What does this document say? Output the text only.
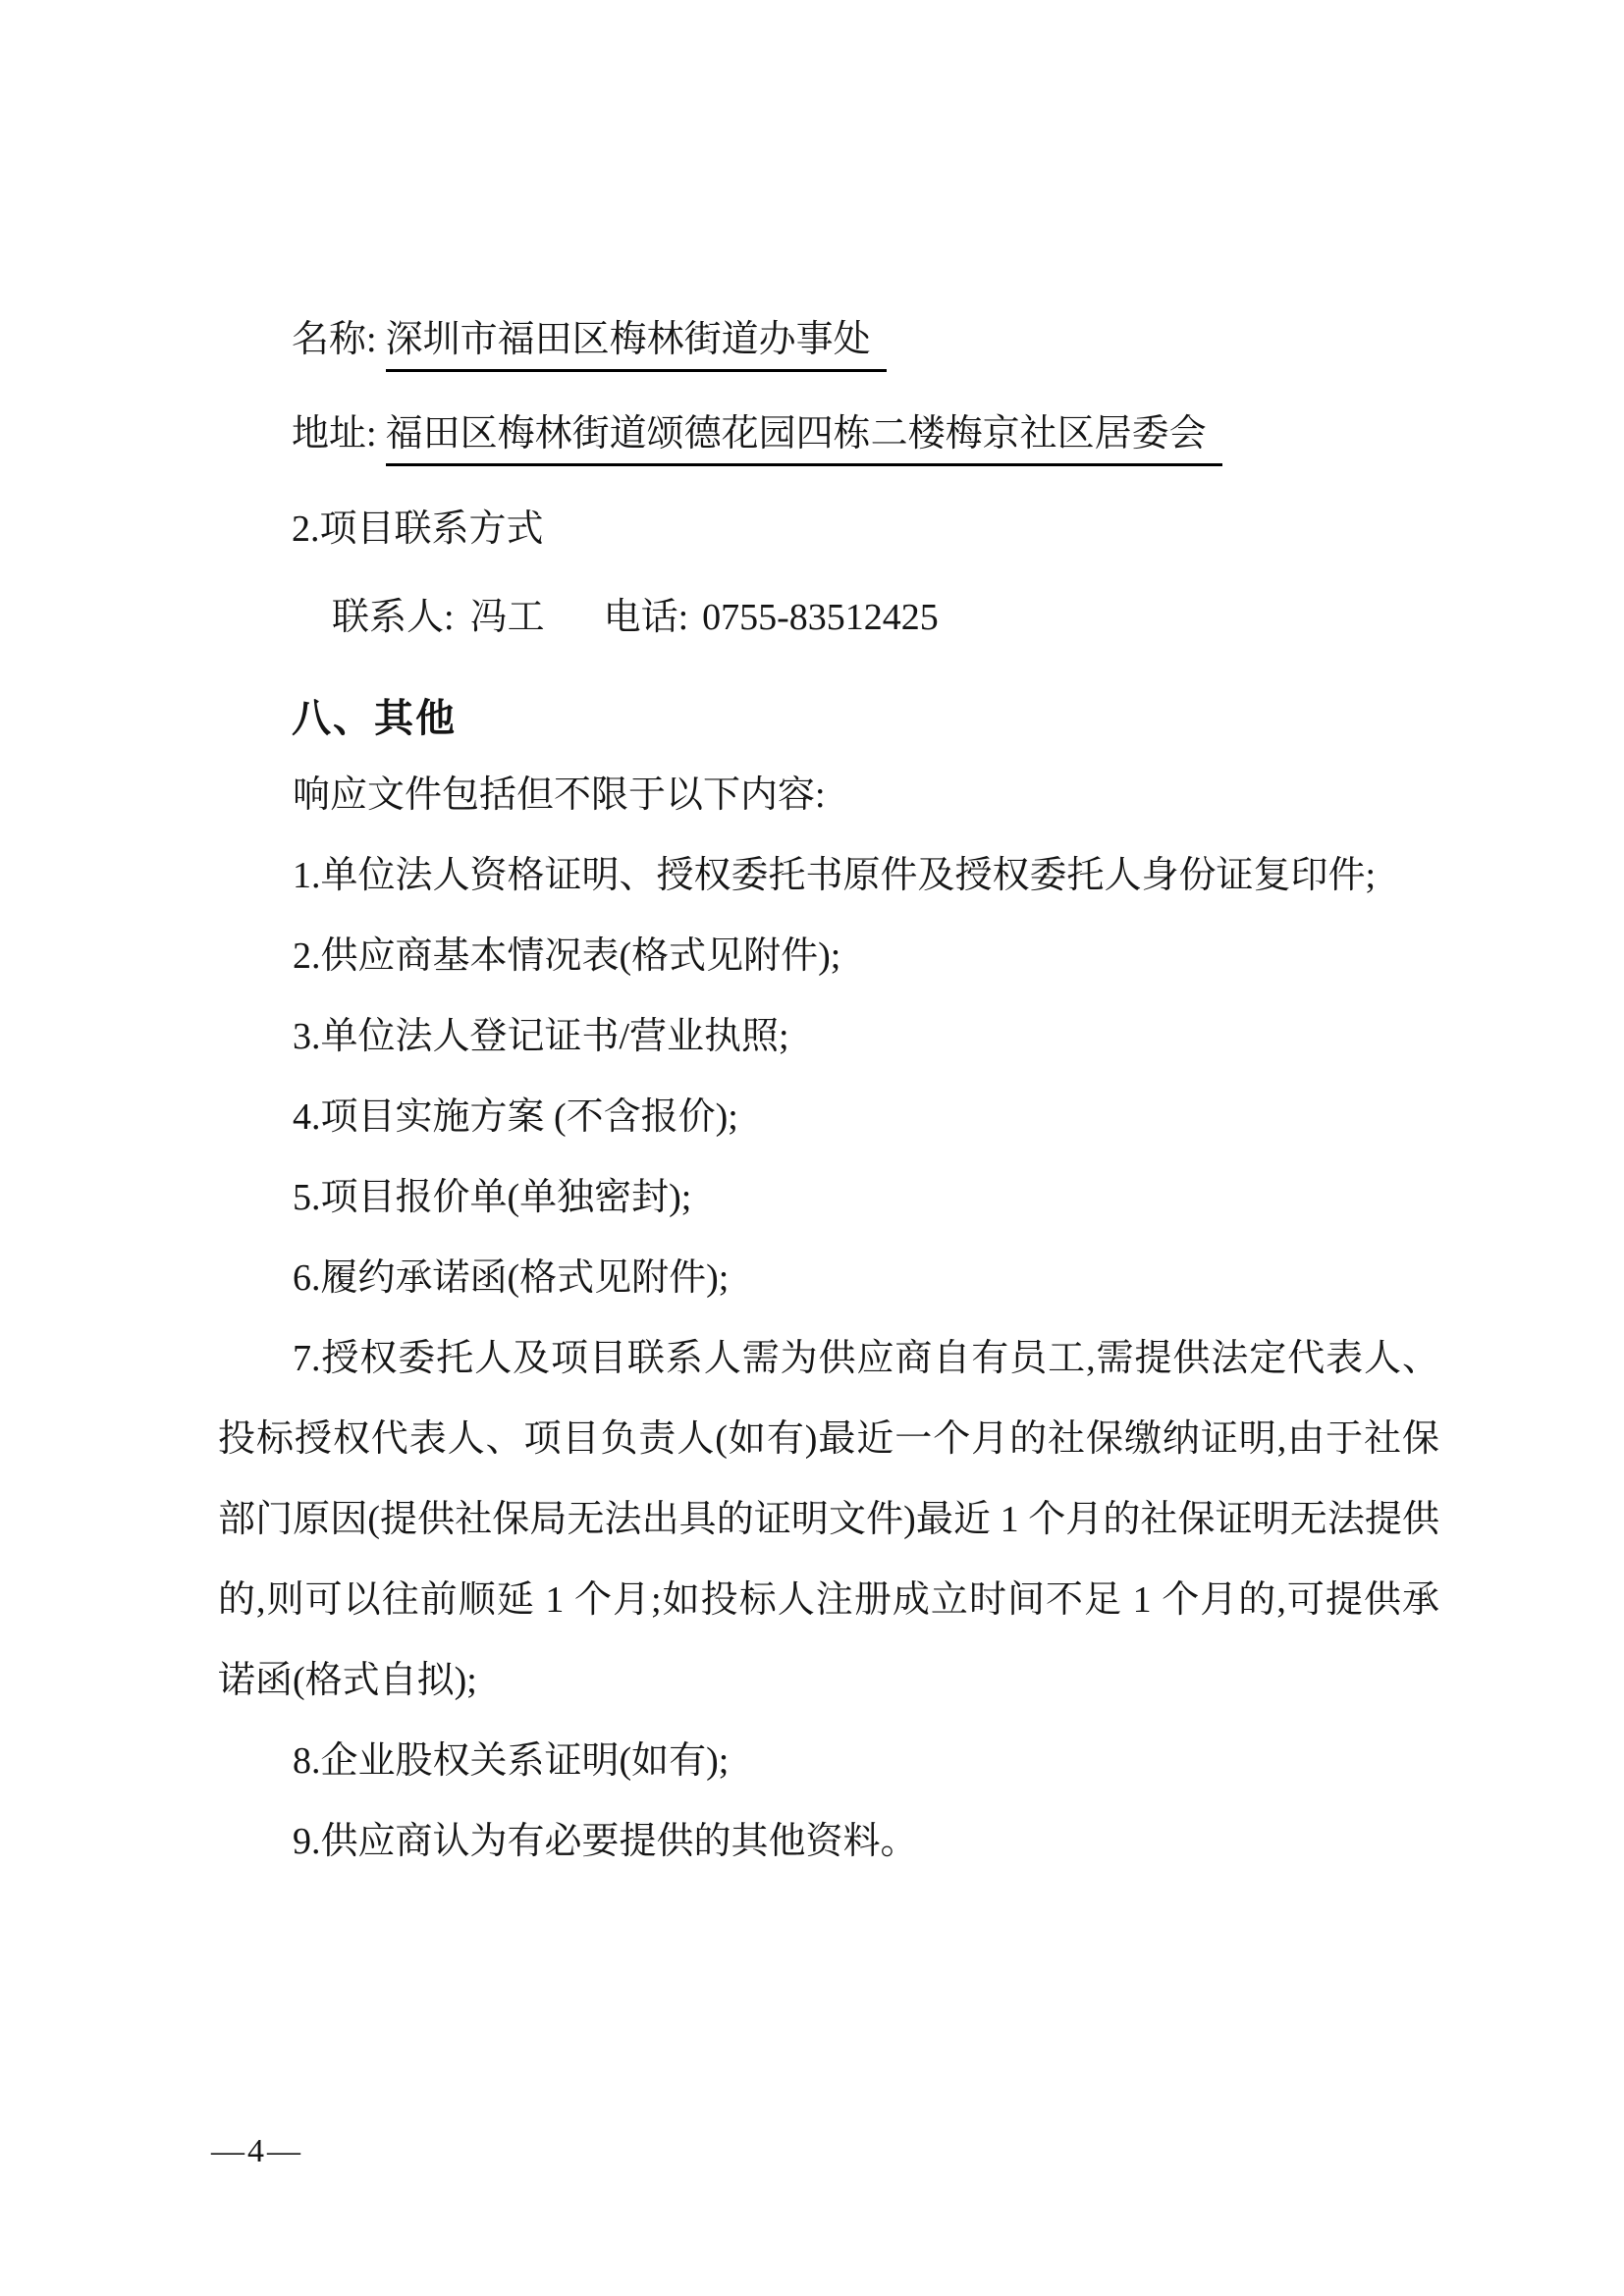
名称: 深圳市福田区梅林街道办事处
地址: 福田区梅林街道颂德花园四栋二楼梅京社区居委会
2.项目联系方式
联系人: 冯工 电话: 0755-83512425
八、其他

响应文件包括但不限于以下内容:

1.单位法人资格证明、授权委托书原件及授权委托人身份证复印件;

2.供应商基本情况表(格式见附件);

3.单位法人登记证书/营业执照;

4.项目实施方案 (不含报价);

5.项目报价单(单独密封);

6.履约承诺函(格式见附件);

7.授权委托人及项目联系人需为供应商自有员工,需提供法定代表人、投标授权代表人、项目负责人(如有)最近一个月的社保缴纳证明,由于社保部门原因(提供社保局无法出具的证明文件)最近 1 个月的社保证明无法提供的,则可以往前顺延 1 个月;如投标人注册成立时间不足 1 个月的,可提供承诺函(格式自拟);

8.企业股权关系证明(如有);

9.供应商认为有必要提供的其他资料。

—4—
